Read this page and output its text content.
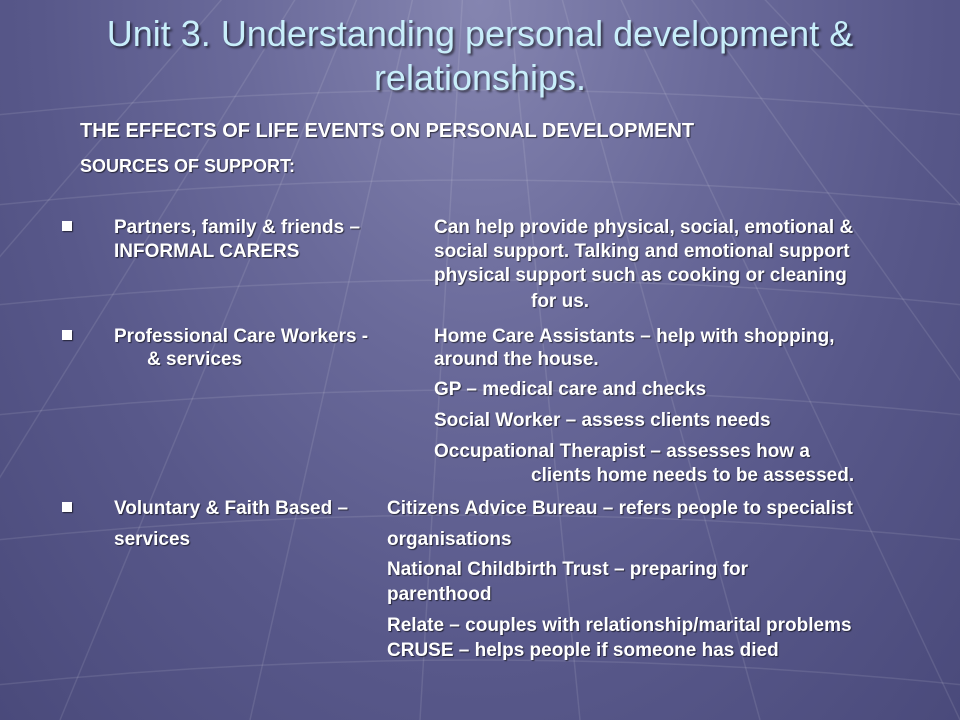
Unit 3. Understanding personal development &
relationships.
THE EFFECTS OF LIFE EVENTS ON PERSONAL DEVELOPMENT
SOURCES OF SUPPORT:
Partners, family & friends –
INFORMAL CARERS
Can help provide physical, social, emotional &
social support. Talking and emotional support
physical support such as cooking or cleaning
for us.
Professional Care Workers -
& services
Home Care Assistants – help with shopping,
around the house.
GP – medical care and checks
Social Worker – assess clients needs
Occupational Therapist – assesses how a
clients home needs to be assessed.
Voluntary & Faith Based –
services
Citizens Advice Bureau – refers people to specialist
organisations
National Childbirth Trust – preparing for
parenthood
Relate – couples with relationship/marital problems
CRUSE – helps people if someone has died
